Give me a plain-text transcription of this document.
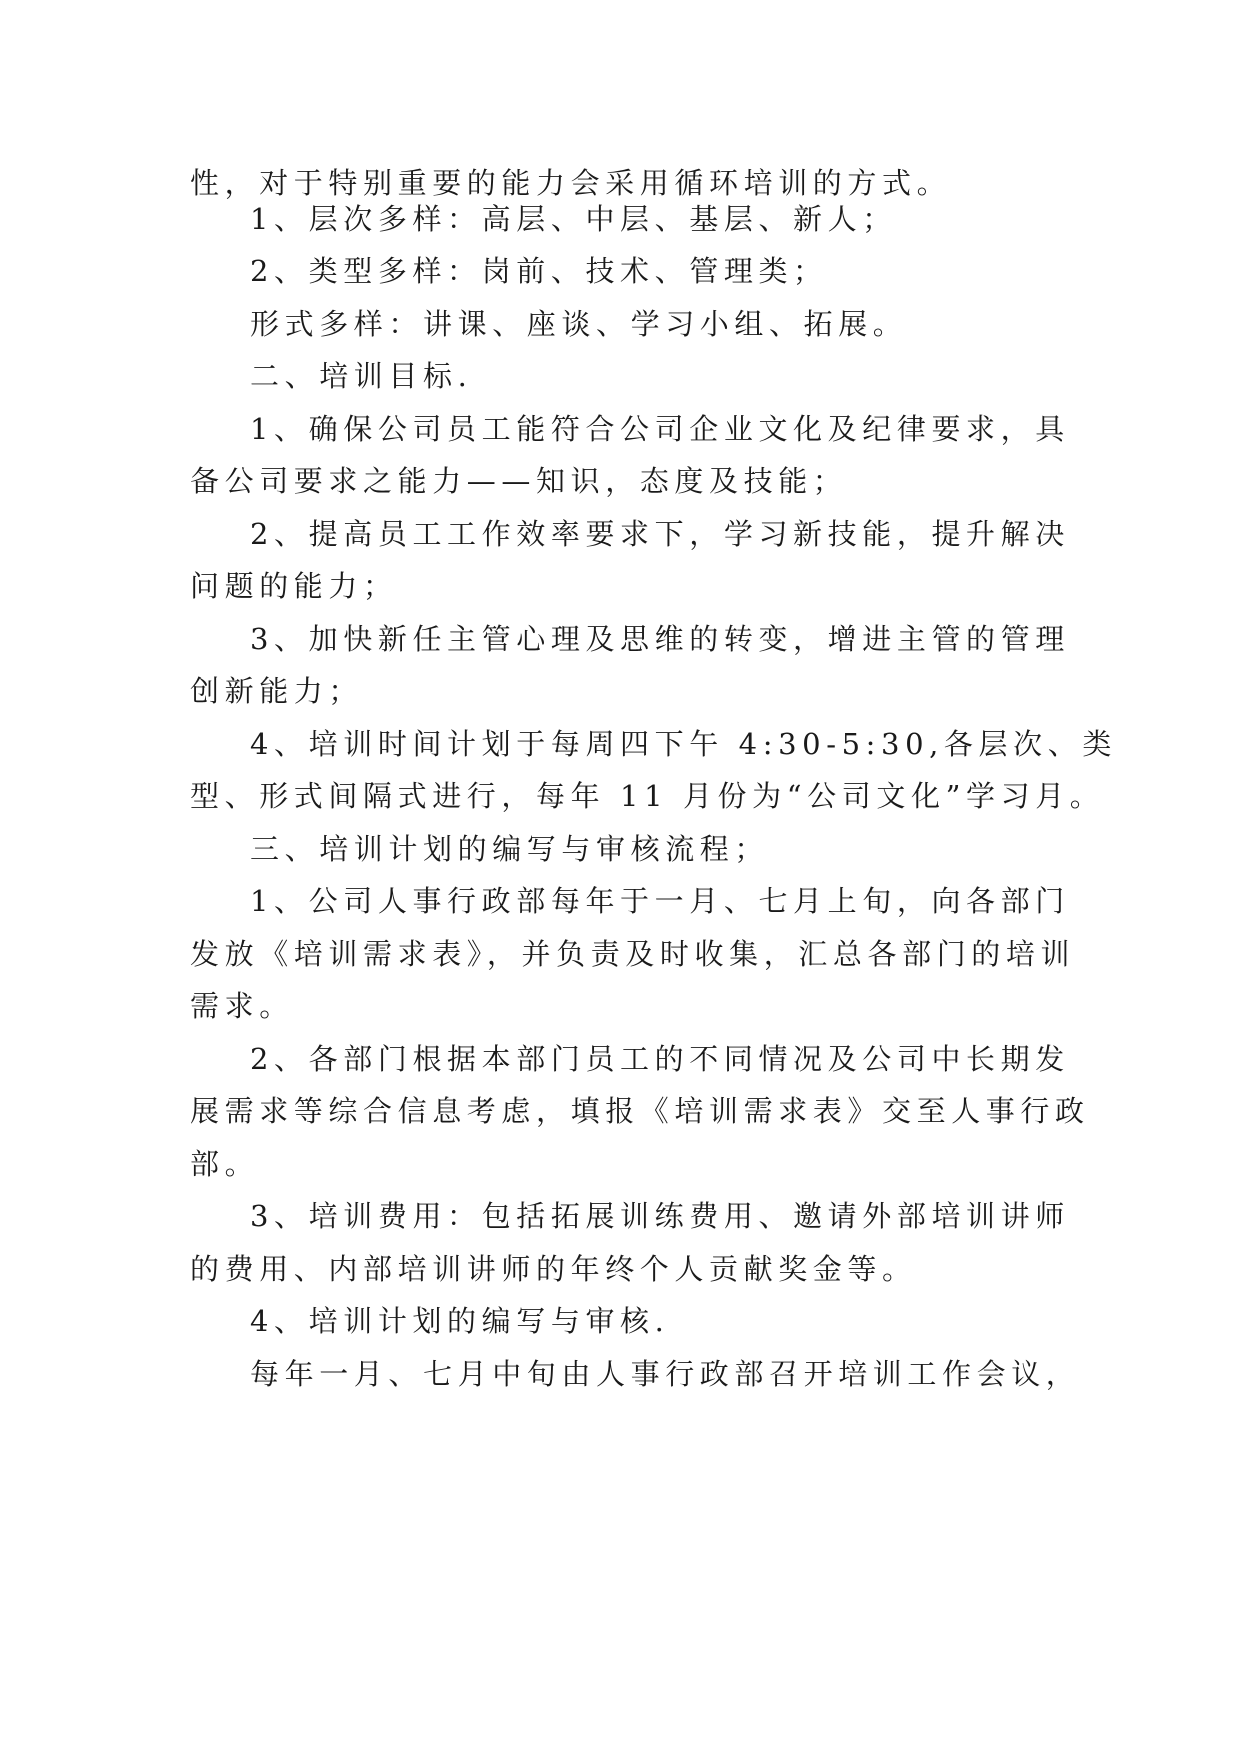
性，对于特别重要的能力会采用循环培训的方式。
1、层次多样：高层、中层、基层、新人；
2、类型多样：岗前、技术、管理类；
形式多样：讲课、座谈、学习小组、拓展。
二、培训目标.
1、确保公司员工能符合公司企业文化及纪律要求，具
备公司要求之能力——知识，态度及技能；
2、提高员工工作效率要求下，学习新技能，提升解决
问题的能力；
3、加快新任主管心理及思维的转变，增进主管的管理
创新能力；
4、培训时间计划于每周四下午 4:30-5:30,各层次、类
型、形式间隔式进行，每年 11 月份为“公司文化”学习月。
三、培训计划的编写与审核流程；
1、公司人事行政部每年于一月、七月上旬，向各部门
发放《培训需求表》，并负责及时收集，汇总各部门的培训
需求。
2、各部门根据本部门员工的不同情况及公司中长期发
展需求等综合信息考虑，填报《培训需求表》交至人事行政
部。
3、培训费用：包括拓展训练费用、邀请外部培训讲师
的费用、内部培训讲师的年终个人贡献奖金等。
4、培训计划的编写与审核.
每年一月、七月中旬由人事行政部召开培训工作会议，
